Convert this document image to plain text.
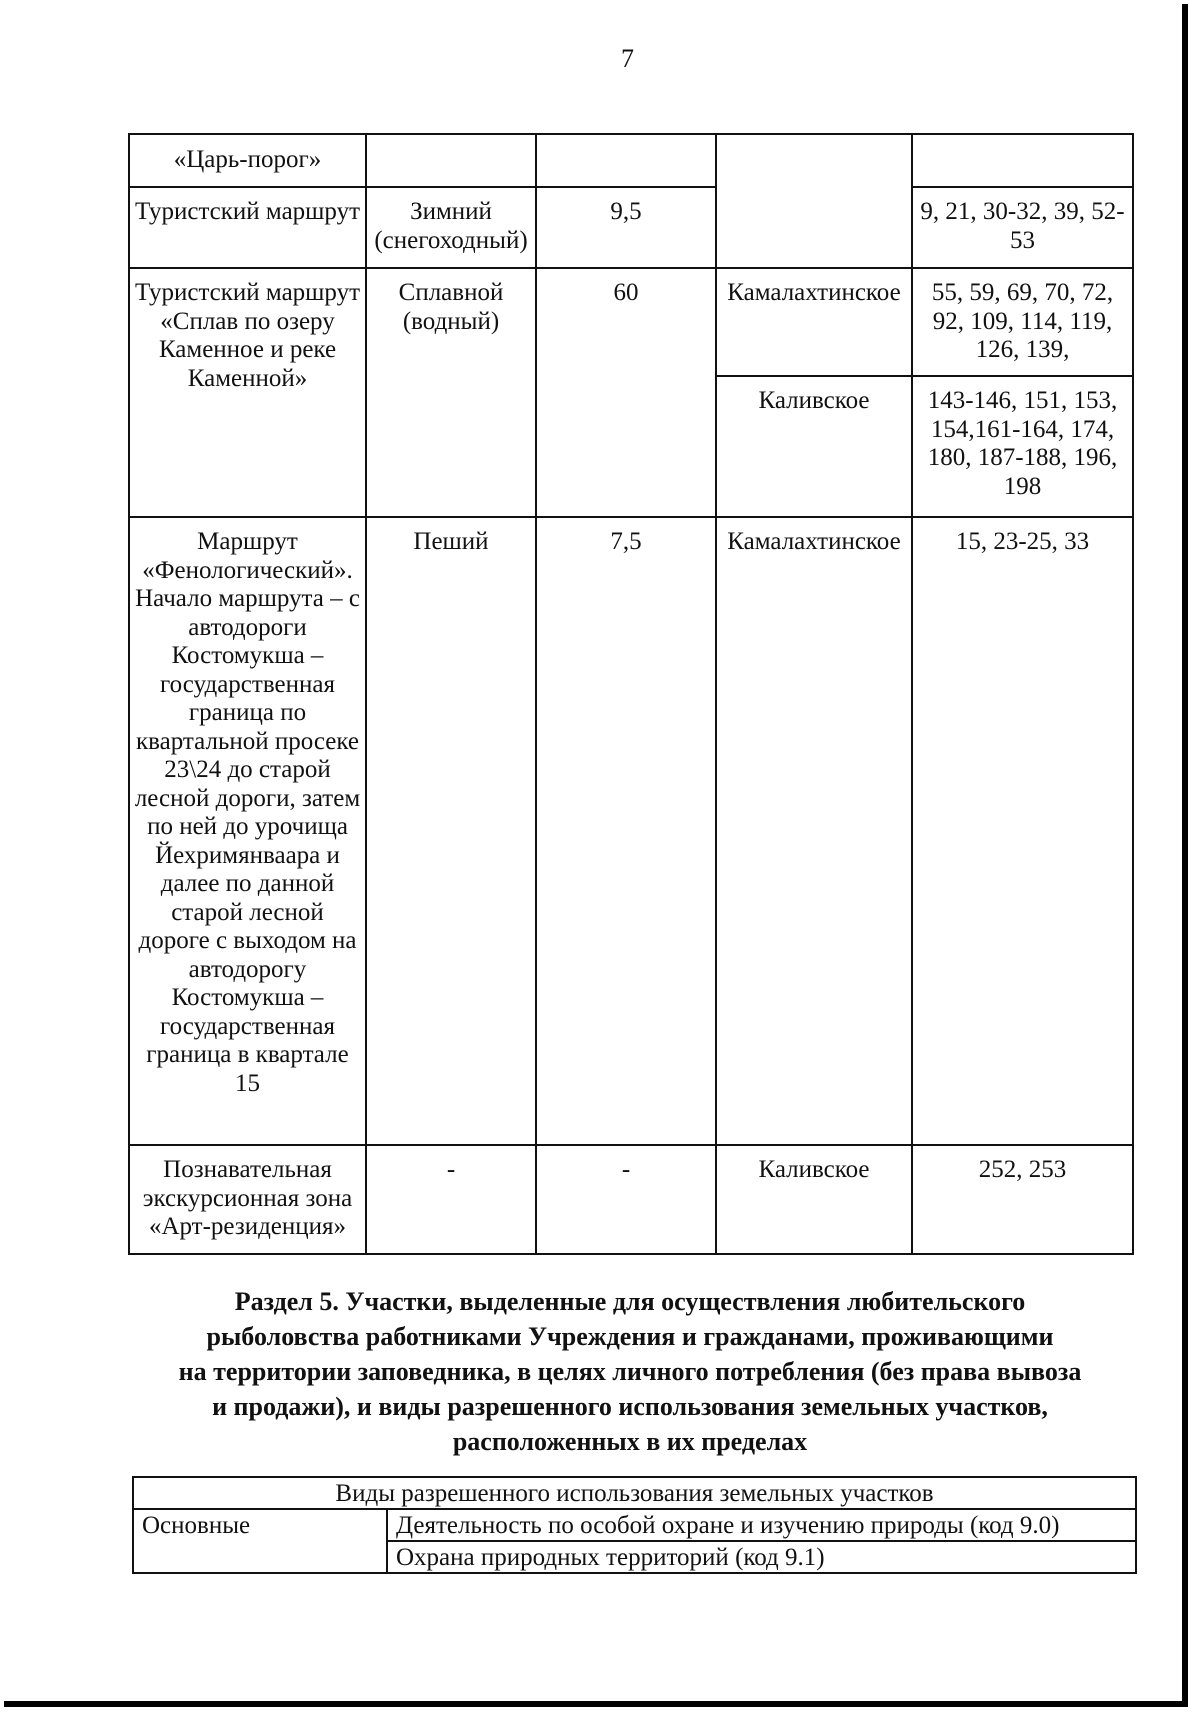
7
«Царь-порог»				
Туристский маршрут	Зимний (снегоходный)	9,5		9, 21, 30-32, 39, 52-53
Туристский маршрут «Сплав по озеру Каменное и реке Каменной»	Сплавной (водный)	60	Камалахтинское	55, 59, 69, 70, 72, 92, 109, 114, 119, 126, 139,
			Каливское	143-146, 151, 153, 154,161-164, 174, 180, 187-188, 196, 198
Маршрут «Фенологический». Начало маршрута – с автодороги Костомукша – государственная граница по квартальной просеке 23\24 до старой лесной дороги, затем по ней до урочища Йехримянваара и далее по данной старой лесной дороге с выходом на автодорогу Костомукша – государственная граница в квартале 15	Пеший	7,5	Камалахтинское	15, 23-25, 33
Познавательная экскурсионная зона «Арт-резиденция»	-	-	Каливское	252, 253
Раздел 5. Участки, выделенные для осуществления любительского
рыболовства работниками Учреждения и гражданами, проживающими
на территории заповедника, в целях личного потребления (без права вывоза
и продажи), и виды разрешенного использования земельных участков,
расположенных в их пределах
Виды разрешенного использования земельных участков
Основные	Деятельность по особой охране и изучению природы (код 9.0)
Охрана природных территорий (код 9.1)
